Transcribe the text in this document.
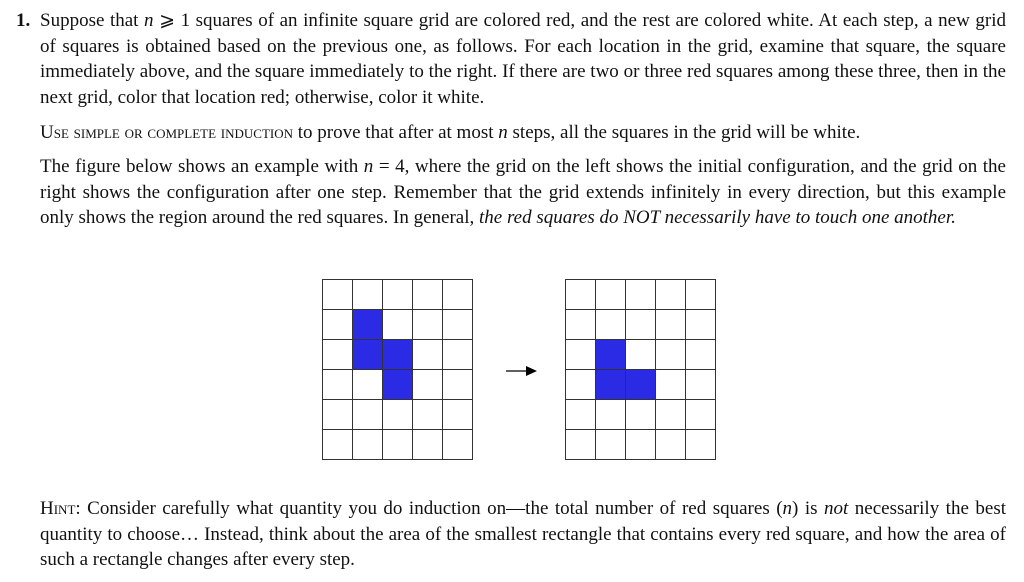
1. Suppose that n ⩾ 1 squares of an infinite square grid are colored red, and the rest are colored white. At each step, a new grid of squares is obtained based on the previous one, as follows. For each location in the grid, examine that square, the square immediately above, and the square immediately to the right. If there are two or three red squares among these three, then in the next grid, color that location red; otherwise, color it white.

Use simple or complete induction to prove that after at most n steps, all the squares in the grid will be white.

The figure below shows an example with n = 4, where the grid on the left shows the initial configuration, and the grid on the right shows the configuration after one step. Remember that the grid extends infinitely in every direction, but this example only shows the region around the red squares. In general, the red squares do NOT necessarily have to touch one another.

Hint: Consider carefully what quantity you do induction on—the total number of red squares (n) is not necessarily the best quantity to choose… Instead, think about the area of the smallest rectangle that contains every red square, and how the area of such a rectangle changes after every step.
